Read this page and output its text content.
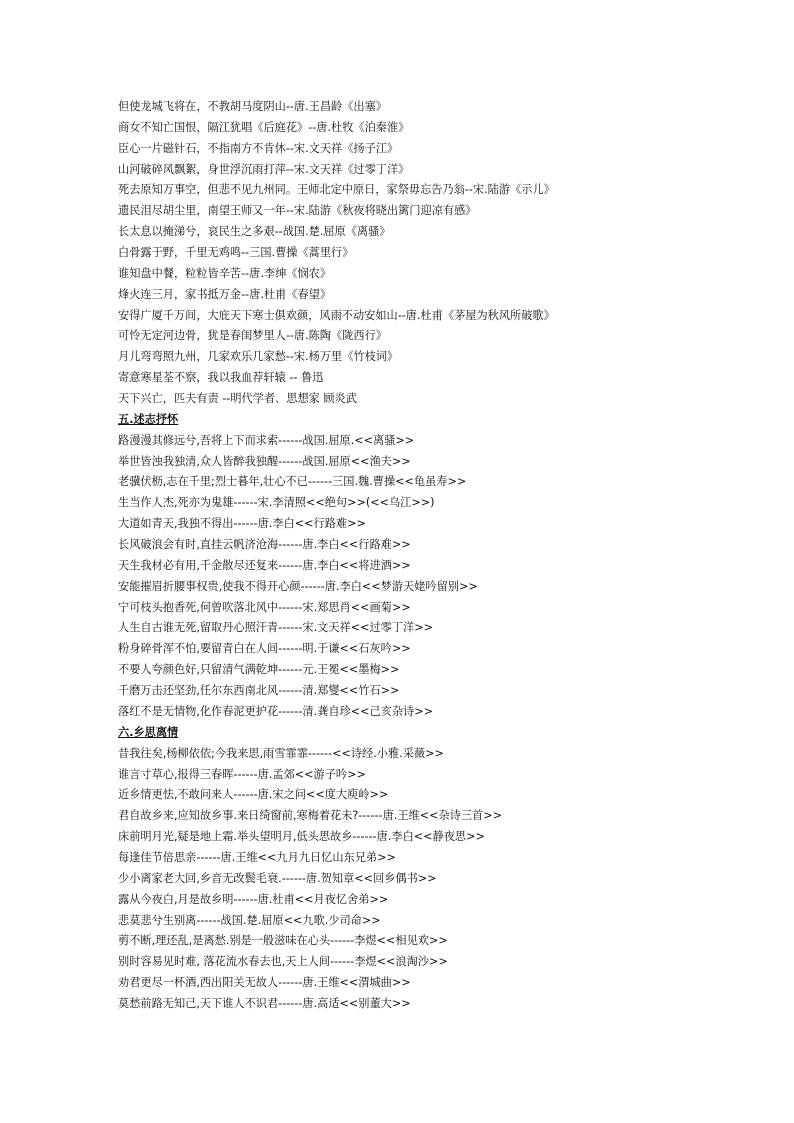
但使龙城飞将在，不教胡马度阴山--唐.王昌龄《出塞》
商女不知亡国恨，隔江犹唱《后庭花》--唐.杜牧《泊秦淮》
臣心一片磁针石，不指南方不肯休--宋.文天祥《扬子江》
山河破碎风飘絮，身世浮沉雨打萍--宋.文天祥《过零丁洋》
死去原知万事空，但悲不见九州同。王师北定中原日，家祭毋忘告乃翁--宋.陆游《示儿》
遗民泪尽胡尘里，南望王师又一年--宋.陆游《秋夜将晓出篱门迎凉有感》
长太息以掩涕兮，哀民生之多艰--战国.楚.屈原《离骚》
白骨露于野，千里无鸡鸣--三国.曹操《蒿里行》
谁知盘中餐，粒粒皆辛苦--唐.李绅《悯农》
烽火连三月，家书抵万金--唐.杜甫《春望》
安得广厦千万间，大庇天下寒士俱欢颜，风雨不动安如山--唐.杜甫《茅屋为秋风所破歌》
可怜无定河边骨，犹是春闺梦里人--唐.陈陶《陇西行》
月儿弯弯照九州，几家欢乐几家愁--宋.杨万里《竹枝词》
寄意寒星荃不察，我以我血荐轩辕 -- 鲁迅
天下兴亡，匹夫有责 --明代学者、思想家 顾炎武
五.述志抒怀
路漫漫其修远兮,吾将上下而求索------战国.屈原.<<离骚>>
举世皆浊我独清,众人皆醉我独醒------战国.屈原<<渔夫>>
老骥伏枥,志在千里;烈士暮年,壮心不已------三国.魏.曹操<<龟虽寿>>
生当作人杰,死亦为鬼雄------宋.李清照<<绝句>>(<<乌江>>)
大道如青天,我独不得出------唐.李白<<行路难>>
长风破浪会有时,直挂云帆济沧海------唐.李白<<行路难>>
天生我材必有用,千金散尽还复来------唐.李白<<将进酒>>
安能摧眉折腰事权贵,使我不得开心颜------唐.李白<<梦游天姥吟留别>>
宁可枝头抱香死,何曾吹落北风中------宋.郑思肖<<画菊>>
人生自古谁无死,留取丹心照汗青------宋.文天祥<<过零丁洋>>
粉身碎骨浑不怕,要留青白在人间------明.于谦<<石灰吟>>
不要人夸颜色好,只留清气满乾坤------元.王冕<<墨梅>>
千磨万击还坚劲,任尔东西南北风------清.郑燮<<竹石>>
落红不是无情物,化作春泥更护花------清.龚自珍<<己亥杂诗>>
六.乡思离情
昔我往矣,杨柳依依;今我来思,雨雪霏霏------<<诗经.小雅.采薇>>
谁言寸草心,报得三春晖------唐.孟郊<<游子吟>>
近乡情更怯,不敢问来人------唐.宋之问<<度大庾岭>>
君自故乡来,应知故乡事.来日绮窗前,寒梅着花未?------唐.王维<<杂诗三首>>
床前明月光,疑是地上霜.举头望明月,低头思故乡------唐.李白<<静夜思>>
每逢佳节倍思亲------唐.王维<<九月九日忆山东兄弟>>
少小离家老大回,乡音无改鬓毛衰.------唐.贺知章<<回乡偶书>>
露从今夜白,月是故乡明------唐.杜甫<<月夜忆舍弟>>
悲莫悲兮生别离------战国.楚.屈原<<九歌.少司命>>
剪不断,理还乱,是离愁.别是一般滋味在心头------李煜<<相见欢>>
别时容易见时难, 落花流水春去也,天上人间------李煜<<浪淘沙>>
劝君更尽一杯酒,西出阳关无故人------唐.王维<<渭城曲>>
莫愁前路无知己,天下谁人不识君------唐.高适<<别董大>>
